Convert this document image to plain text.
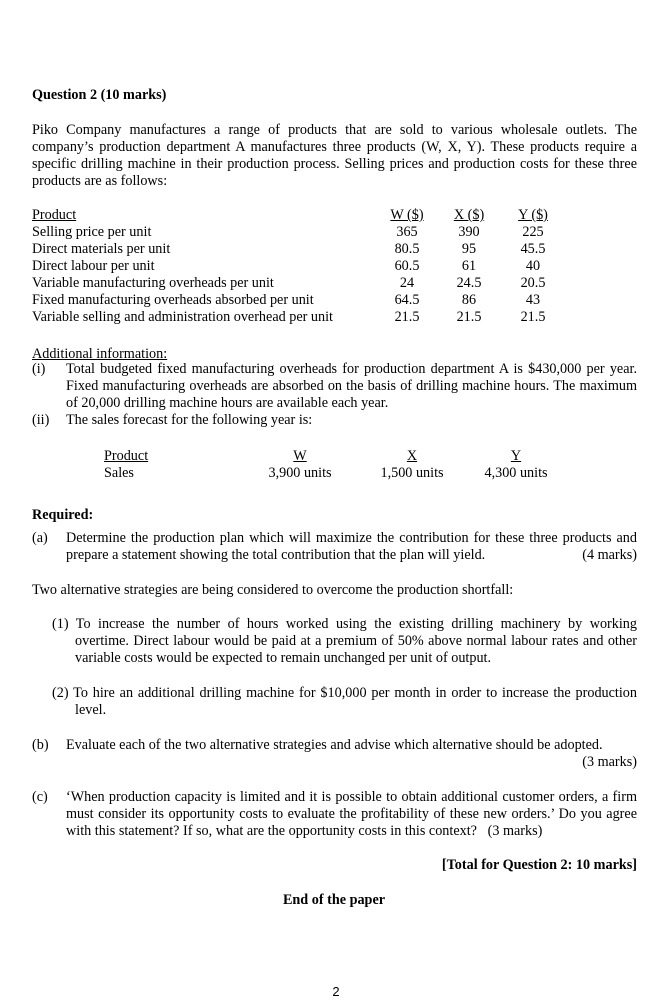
Question 2 (10 marks)
Piko Company manufactures a range of products that are sold to various wholesale outlets. The company’s production department A manufactures three products (W, X, Y). These products require a specific drilling machine in their production process. Selling prices and production costs for these three products are as follows:
Product	W ($)	X ($)	Y ($)
Selling price per unit	365	390	225
Direct materials per unit	80.5	95	45.5
Direct labour per unit	60.5	61	40
Variable manufacturing overheads per unit	24	24.5	20.5
Fixed manufacturing overheads absorbed per unit	64.5	86	43
Variable selling and administration overhead per unit	21.5	21.5	21.5
Additional information:
(i) Total budgeted fixed manufacturing overheads for production department A is $430,000 per year. Fixed manufacturing overheads are absorbed on the basis of drilling machine hours. The maximum of 20,000 drilling machine hours are available each year.
(ii) The sales forecast for the following year is:
Product	W	X	Y
Sales	3,900 units	1,500 units	4,300 units
Required:
(a) Determine the production plan which will maximize the contribution for these three products and prepare a statement showing the total contribution that the plan will yield.	(4 marks)
Two alternative strategies are being considered to overcome the production shortfall:
(1) To increase the number of hours worked using the existing drilling machinery by working overtime. Direct labour would be paid at a premium of 50% above normal labour rates and other variable costs would be expected to remain unchanged per unit of output.
(2) To hire an additional drilling machine for $10,000 per month in order to increase the production level.
(b) Evaluate each of the two alternative strategies and advise which alternative should be adopted.
(3 marks)
(c) ‘When production capacity is limited and it is possible to obtain additional customer orders, a firm must consider its opportunity costs to evaluate the profitability of these new orders.’ Do you agree with this statement? If so, what are the opportunity costs in this context? (3 marks)
[Total for Question 2: 10 marks]
End of the paper
2
